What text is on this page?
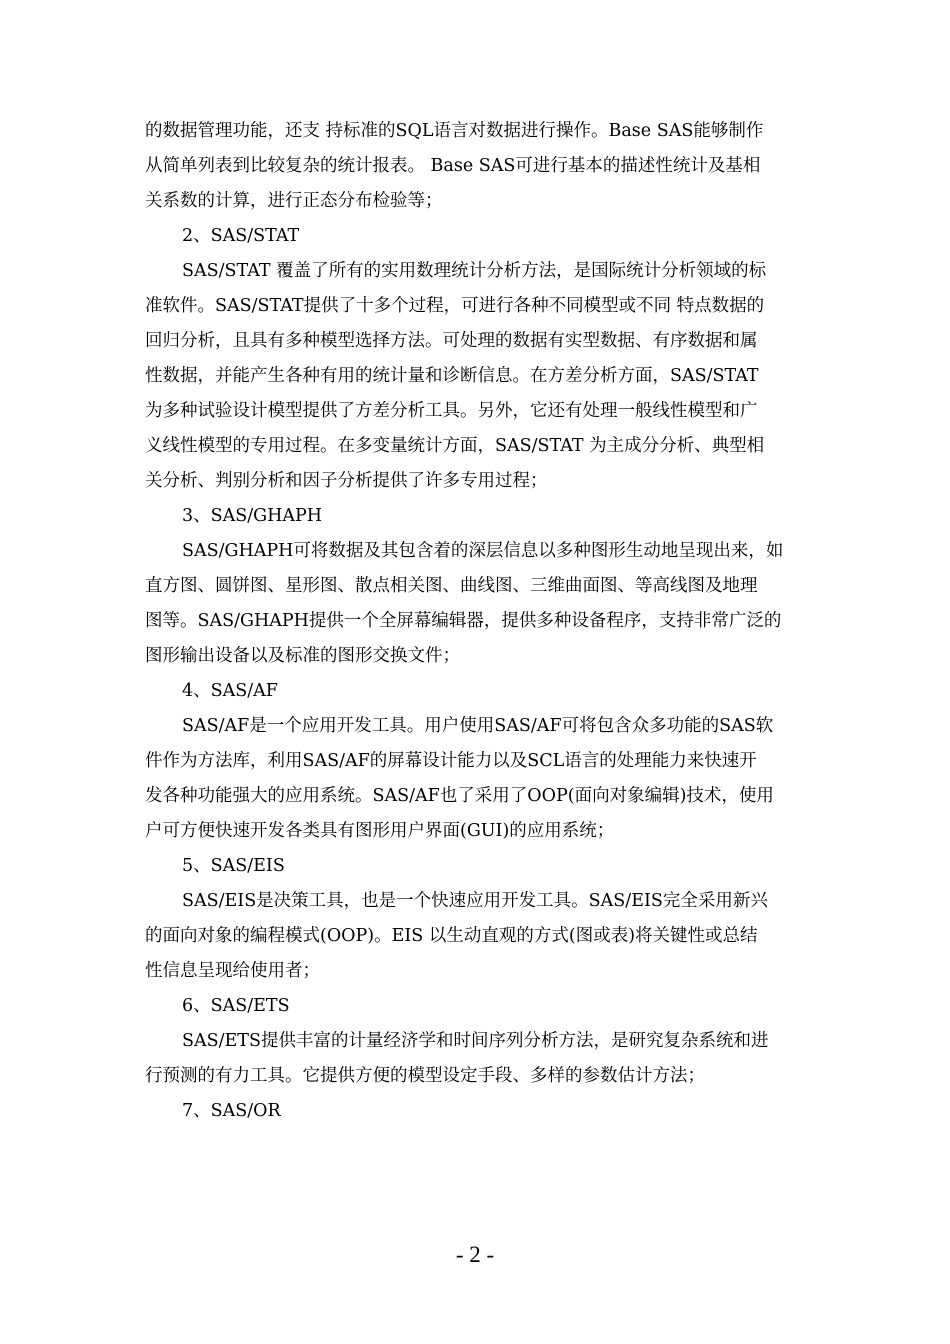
的数据管理功能，还支 持标准的SQL语言对数据进行操作。Base SAS能够制作
从简单列表到比较复杂的统计报表。 Base SAS可进行基本的描述性统计及基相
关系数的计算，进行正态分布检验等；
2、SAS/STAT
SAS/STAT 覆盖了所有的实用数理统计分析方法，是国际统计分析领域的标
准软件。SAS/STAT提供了十多个过程，可进行各种不同模型或不同 特点数据的
回归分析，且具有多种模型选择方法。可处理的数据有实型数据、有序数据和属
性数据，并能产生各种有用的统计量和诊断信息。在方差分析方面，SAS/STAT
为多种试验设计模型提供了方差分析工具。另外，它还有处理一般线性模型和广
义线性模型的专用过程。在多变量统计方面，SAS/STAT 为主成分分析、典型相
关分析、判别分析和因子分析提供了许多专用过程；
3、SAS/GHAPH
SAS/GHAPH可将数据及其包含着的深层信息以多种图形生动地呈现出来，如
直方图、圆饼图、星形图、散点相关图、曲线图、三维曲面图、等高线图及地理
图等。SAS/GHAPH提供一个全屏幕编辑器，提供多种设备程序，支持非常广泛的
图形输出设备以及标准的图形交换文件；
4、SAS/AF
SAS/AF是一个应用开发工具。用户使用SAS/AF可将包含众多功能的SAS软
件作为方法库，利用SAS/AF的屏幕设计能力以及SCL语言的处理能力来快速开
发各种功能强大的应用系统。SAS/AF也了采用了OOP(面向对象编辑)技术，使用
户可方便快速开发各类具有图形用户界面(GUI)的应用系统；
5、SAS/EIS
SAS/EIS是决策工具，也是一个快速应用开发工具。SAS/EIS完全采用新兴
的面向对象的编程模式(OOP)。EIS 以生动直观的方式(图或表)将关键性或总结
性信息呈现给使用者；
6、SAS/ETS
SAS/ETS提供丰富的计量经济学和时间序列分析方法，是研究复杂系统和进
行预测的有力工具。它提供方便的模型设定手段、多样的参数估计方法；
7、SAS/OR
- 2 -
